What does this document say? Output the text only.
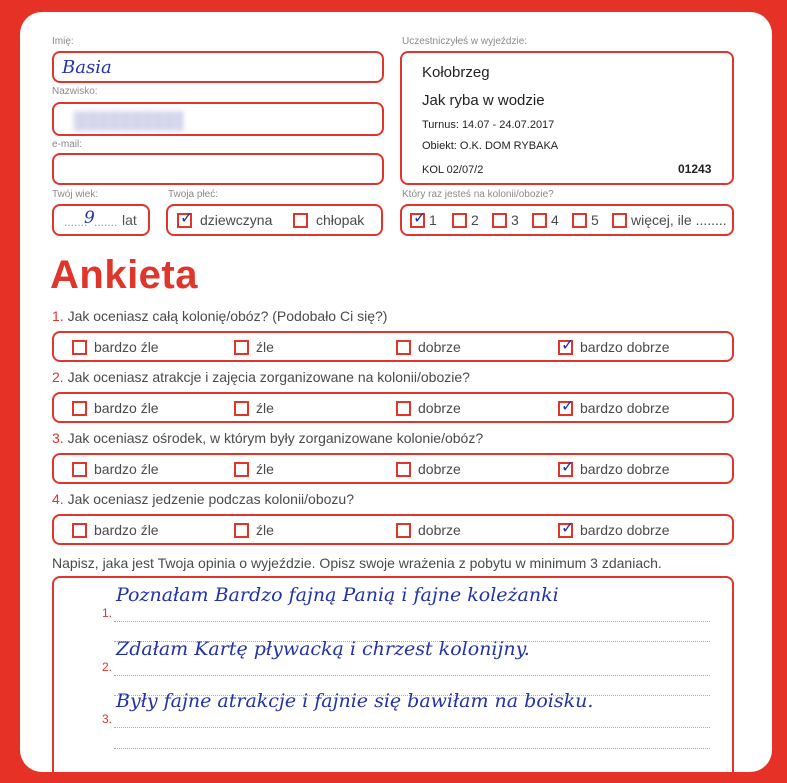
Imię:
Basia
Nazwisko:
e-mail:
Twój wiek:
.......
9 ....... lat
Twoja płeć:
✓ dziewczyna	chłopak
Uczestniczyłeś w wyjeździe:
Kołobrzeg
Jak ryba w wodzie
Turnus: 14.07 - 24.07.2017
Obiekt: O.K. DOM RYBAKA
KOL 02/07/2	01243
Który raz jesteś na kolonii/obozie?
✓ 1 2 3 4 5 więcej, ile ........
Ankieta
1. Jak oceniasz całą kolonię/obóz? (Podobało Ci się?)
bardzo źle	źle	dobrze	✓ bardzo dobrze
2. Jak oceniasz atrakcje i zajęcia zorganizowane na kolonii/obozie?
bardzo źle	źle	dobrze	✓ bardzo dobrze
3. Jak oceniasz ośrodek, w którym były zorganizowane kolonie/obóz?
bardzo źle	źle	dobrze	✓ bardzo dobrze
4. Jak oceniasz jedzenie podczas kolonii/obozu?
bardzo źle	źle	dobrze	✓ bardzo dobrze
Napisz, jaka jest Twoja opinia o wyjeździe. Opisz swoje wrażenia z pobytu w minimum 3 zdaniach.
1.
Poznałam Bardzo fajną Panią i fajne koleżanki
2.
Zdałam Kartę pływacką i chrzest kolonijny.
3.
Były fajne atrakcje i fajnie się bawiłam na boisku.
